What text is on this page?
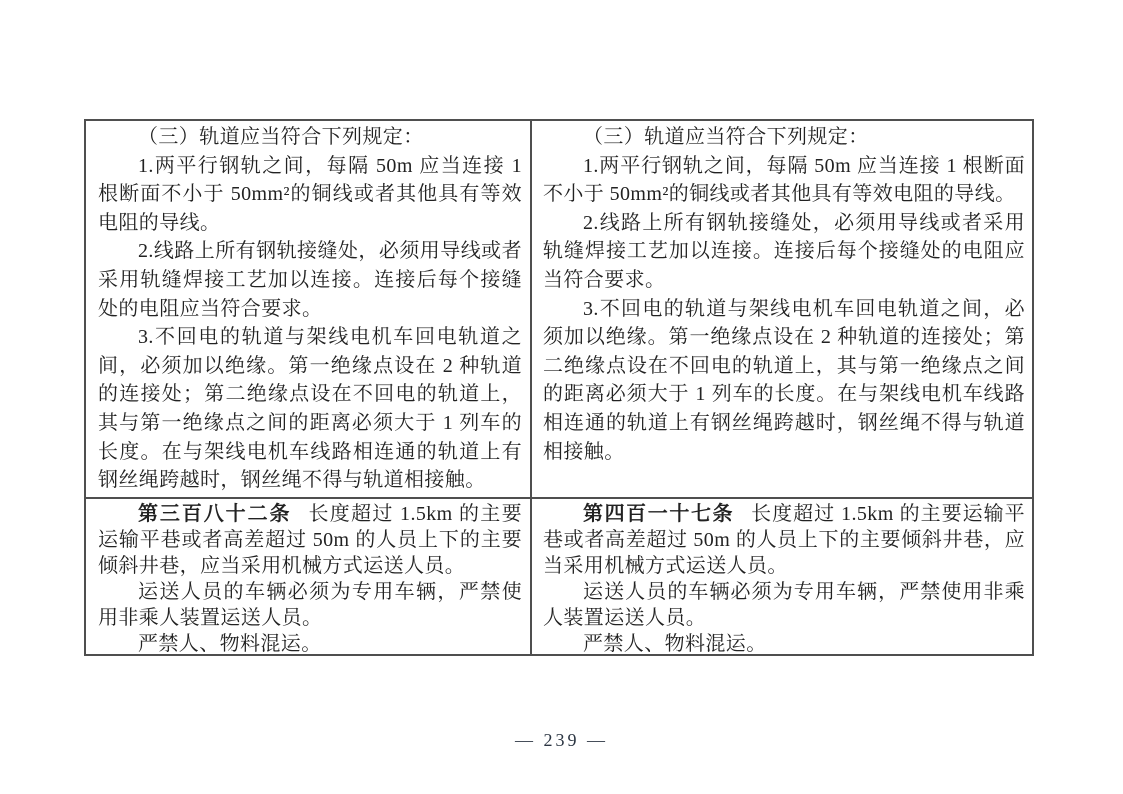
（三）轨道应当符合下列规定：

1.两平行钢轨之间，每隔 50m 应当连接 1 根断面不小于 50mm²的铜线或者其他具有等效电阻的导线。

2.线路上所有钢轨接缝处，必须用导线或者采用轨缝焊接工艺加以连接。连接后每个接缝处的电阻应当符合要求。

3.不回电的轨道与架线电机车回电轨道之间，必须加以绝缘。第一绝缘点设在 2 种轨道的连接处；第二绝缘点设在不回电的轨道上，其与第一绝缘点之间的距离必须大于 1 列车的长度。在与架线电机车线路相连通的轨道上有钢丝绳跨越时，钢丝绳不得与轨道相接触。

（三）轨道应当符合下列规定：

1.两平行钢轨之间，每隔 50m 应当连接 1 根断面不小于 50mm²的铜线或者其他具有等效电阻的导线。

2.线路上所有钢轨接缝处，必须用导线或者采用轨缝焊接工艺加以连接。连接后每个接缝处的电阻应当符合要求。

3.不回电的轨道与架线电机车回电轨道之间，必须加以绝缘。第一绝缘点设在 2 种轨道的连接处；第二绝缘点设在不回电的轨道上，其与第一绝缘点之间的距离必须大于 1 列车的长度。在与架线电机车线路相连通的轨道上有钢丝绳跨越时，钢丝绳不得与轨道相接触。

第三百八十二条 长度超过 1.5km 的主要运输平巷或者高差超过 50m 的人员上下的主要倾斜井巷，应当采用机械方式运送人员。

运送人员的车辆必须为专用车辆，严禁使用非乘人装置运送人员。

严禁人、物料混运。

第四百一十七条 长度超过 1.5km 的主要运输平巷或者高差超过 50m 的人员上下的主要倾斜井巷，应当采用机械方式运送人员。

运送人员的车辆必须为专用车辆，严禁使用非乘人装置运送人员。

严禁人、物料混运。

— 239 —
